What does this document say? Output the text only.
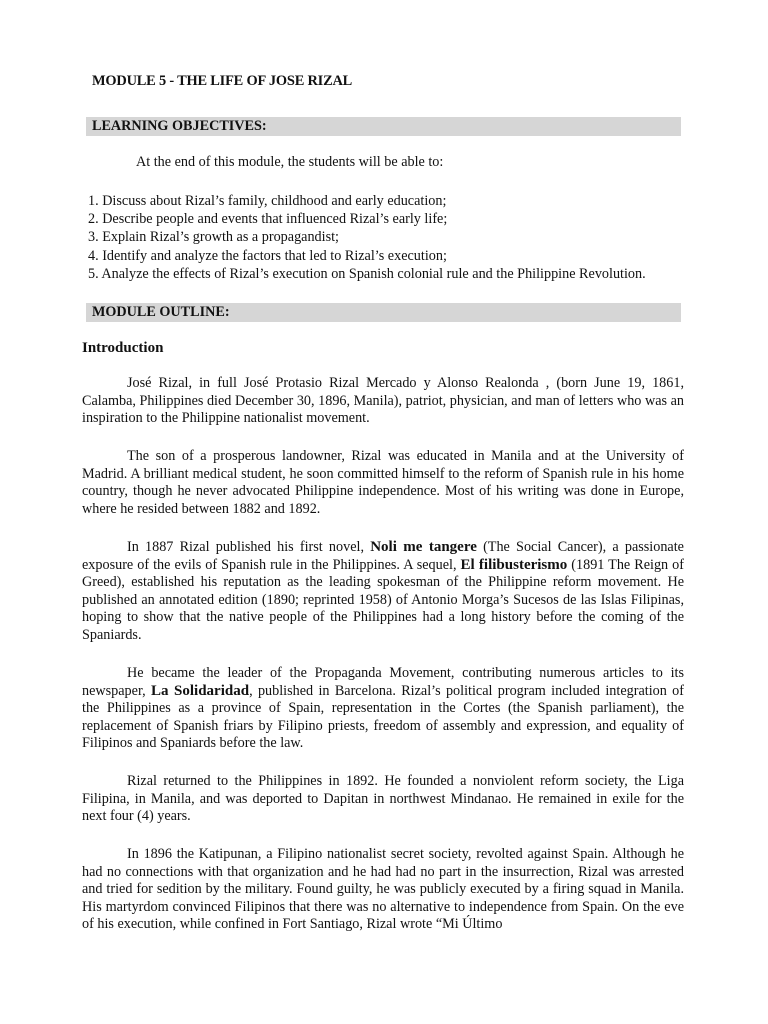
MODULE 5 - THE LIFE OF JOSE RIZAL
LEARNING OBJECTIVES:
At the end of this module, the students will be able to:
1. Discuss about Rizal’s family, childhood and early education;
2. Describe people and events that influenced Rizal’s early life;
3. Explain Rizal’s growth as a propagandist;
4. Identify and analyze the factors that led to Rizal’s execution;
5. Analyze the effects of Rizal’s execution on Spanish colonial rule and the Philippine Revolution.
MODULE OUTLINE:
Introduction

José Rizal, in full José Protasio Rizal Mercado y Alonso Realonda , (born June 19, 1861, Calamba, Philippines died December 30, 1896, Manila), patriot, physician, and man of letters who was an inspiration to the Philippine nationalist movement.

The son of a prosperous landowner, Rizal was educated in Manila and at the University of Madrid. A brilliant medical student, he soon committed himself to the reform of Spanish rule in his home country, though he never advocated Philippine independence. Most of his writing was done in Europe, where he resided between 1882 and 1892.

In 1887 Rizal published his first novel, Noli me tangere (The Social Cancer), a passionate exposure of the evils of Spanish rule in the Philippines. A sequel, El filibusterismo (1891 The Reign of Greed), established his reputation as the leading spokesman of the Philippine reform movement. He published an annotated edition (1890; reprinted 1958) of Antonio Morga’s Sucesos de las Islas Filipinas, hoping to show that the native people of the Philippines had a long history before the coming of the Spaniards.

He became the leader of the Propaganda Movement, contributing numerous articles to its newspaper, La Solidaridad, published in Barcelona. Rizal’s political program included integration of the Philippines as a province of Spain, representation in the Cortes (the Spanish parliament), the replacement of Spanish friars by Filipino priests, freedom of assembly and expression, and equality of Filipinos and Spaniards before the law.

Rizal returned to the Philippines in 1892. He founded a nonviolent reform society, the Liga Filipina, in Manila, and was deported to Dapitan in northwest Mindanao. He remained in exile for the next four (4) years.

In 1896 the Katipunan, a Filipino nationalist secret society, revolted against Spain. Although he had no connections with that organization and he had had no part in the insurrection, Rizal was arrested and tried for sedition by the military. Found guilty, he was publicly executed by a firing squad in Manila. His martyrdom convinced Filipinos that there was no alternative to independence from Spain. On the eve of his execution, while confined in Fort Santiago, Rizal wrote “Mi Último
